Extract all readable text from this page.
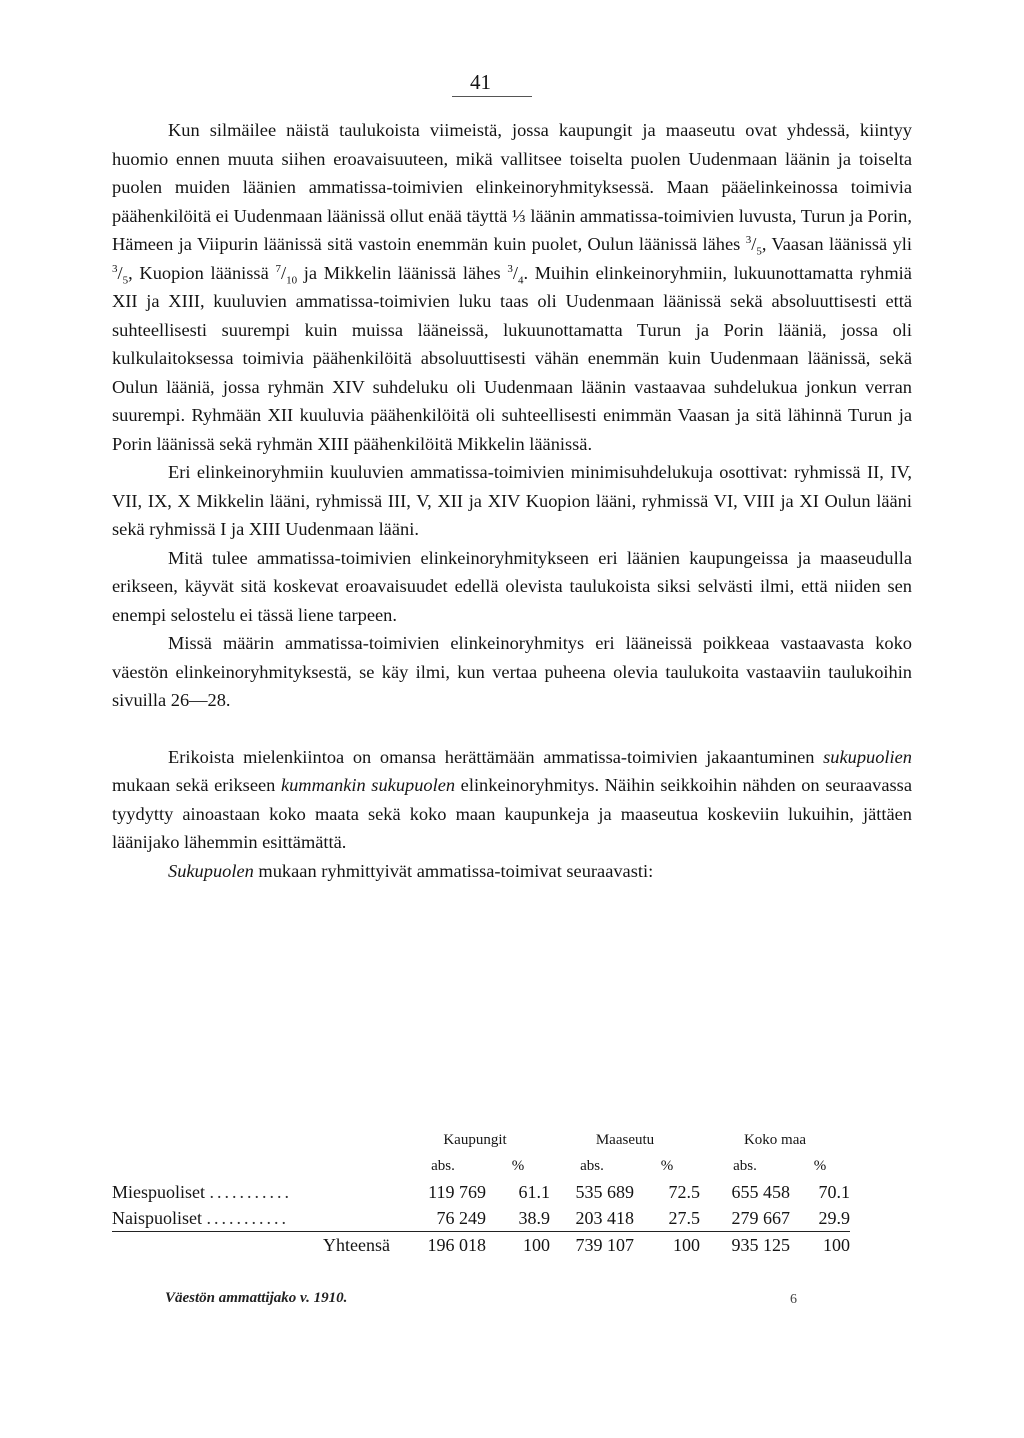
41

Kun silmäilee näistä taulukoista viimeistä, jossa kaupungit ja maaseutu ovat yhdessä, kiintyy huomio ennen muuta siihen eroavaisuuteen, mikä vallitsee toiselta puolen Uudenmaan läänin ja toiselta puolen muiden läänien ammatissa-toimivien elinkeinoryhmityksessä. Maan pääelinkeinossa toimivia päähenkilöitä ei Uudenmaan läänissä ollut enää täyttä ⅓ läänin ammatissa-toimivien luvusta, Turun ja Porin, Hämeen ja Viipurin läänissä sitä vastoin enemmän kuin puolet, Oulun läänissä lähes $^3/_5$, Vaasan läänissä yli $^3/_5$, Kuopion läänissä $^7/_{10}$ ja Mikkelin läänissä lähes $^3/_4$. Muihin elinkeinoryhmiin, lukuunottamatta ryhmiä XII ja XIII, kuuluvien ammatissa-toimivien luku taas oli Uudenmaan läänissä sekä absoluuttisesti että suhteellisesti suurempi kuin muissa lääneissä, lukuunottamatta Turun ja Porin lääniä, jossa oli kulkulaitoksessa toimivia päähenkilöitä absoluuttisesti vähän enemmän kuin Uudenmaan läänissä, sekä Oulun lääniä, jossa ryhmän XIV suhdeluku oli Uudenmaan läänin vastaavaa suhdelukua jonkun verran suurempi. Ryhmään XII kuuluvia päähenkilöitä oli suhteellisesti enimmän Vaasan ja sitä lähinnä Turun ja Porin läänissä sekä ryhmän XIII päähenkilöitä Mikkelin läänissä.

Eri elinkeinoryhmiin kuuluvien ammatissa-toimivien minimisuhdelukuja osottivat: ryhmissä II, IV, VII, IX, X Mikkelin lääni, ryhmissä III, V, XII ja XIV Kuopion lääni, ryhmissä VI, VIII ja XI Oulun lääni sekä ryhmissä I ja XIII Uudenmaan lääni.

Mitä tulee ammatissa-toimivien elinkeinoryhmitykseen eri läänien kaupungeissa ja maaseudulla erikseen, käyvät sitä koskevat eroavaisuudet edellä olevista taulukoista siksi selvästi ilmi, että niiden sen enempi selostelu ei tässä liene tarpeen.

Missä määrin ammatissa-toimivien elinkeinoryhmitys eri lääneissä poikkeaa vastaavasta koko väestön elinkeinoryhmityksestä, se käy ilmi, kun vertaa puheena olevia taulukoita vastaaviin taulukoihin sivuilla 26—28.

Erikoista mielenkiintoa on omansa herättämään ammatissa-toimivien jakaantuminen sukupuolien mukaan sekä erikseen kummankin sukupuolen elinkeinoryhmitys. Näihin seikkoihin nähden on seuraavassa tyydytty ainoastaan koko maata sekä koko maan kaupunkeja ja maaseutua koskeviin lukuihin, jättäen läänijako lähemmin esittämättä.

Sukupuolen mukaan ryhmittyivät ammatissa-toimivat seuraavasti:

	Kaupungit		Maaseutu		Koko maa	
	abs.	%	abs.	%	abs.	%
Miespuoliset ...........	119 769	61.1	535 689	72.5	655 458	70.1
Naispuoliset ...........	76 249	38.9	203 418	27.5	279 667	29.9
Yhteensä	196 018	100	739 107	100	935 125	100
Väestön ammattijako v. 1910.	6
